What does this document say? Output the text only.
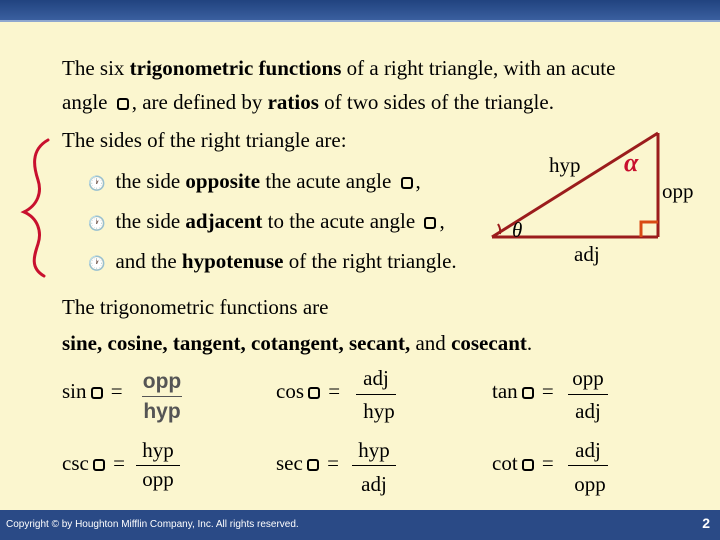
The six trigonometric functions of a right triangle, with an acute
angle , are defined by ratios of two sides of the triangle.
The sides of the right triangle are:
🕐 the side opposite the acute angle ,
🕐 the side adjacent to the acute angle ,
🕐 and the hypotenuse of the right triangle.
hyp
opp
adj
θ
α
The trigonometric functions are
sine, cosine, tangent, cotangent, secant, and cosecant.
sin = opp
hyp
cos =
adj
hyp
tan =
opp
adj
csc =
hyp
opp
sec =
hyp
adj
cot =
adj
opp
Copyright © by Houghton Mifflin Company, Inc. All rights reserved.	2
